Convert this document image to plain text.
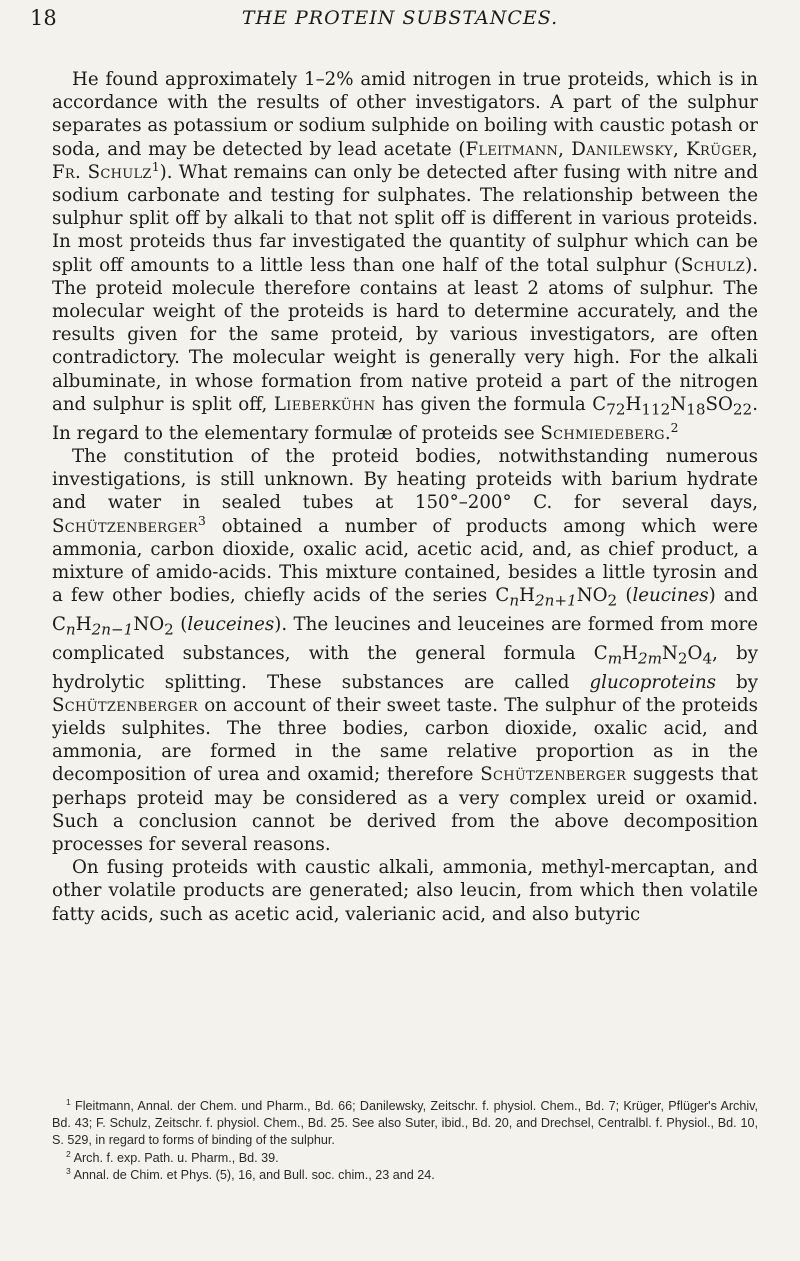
18	THE PROTEIN SUBSTANCES.

He found approximately 1–2% amid nitrogen in true proteids, which is in accordance with the results of other investigators. A part of the sulphur separates as potassium or sodium sulphide on boiling with caustic potash or soda, and may be detected by lead acetate (Fleitmann, Danilewsky, Krüger, Fr. Schulz$^1$). What remains can only be detected after fusing with nitre and sodium carbonate and testing for sulphates. The relationship between the sulphur split off by alkali to that not split off is different in various proteids. In most proteids thus far investigated the quantity of sulphur which can be split off amounts to a little less than one half of the total sulphur (Schulz). The proteid molecule therefore contains at least 2 atoms of sulphur. The molecular weight of the proteids is hard to determine accurately, and the results given for the same proteid, by various investigators, are often contradictory. The molecular weight is generally very high. For the alkali albuminate, in whose formation from native proteid a part of the nitrogen and sulphur is split off, Lieberkühn has given the formula $C_{72}H_{112}N_{18}SO_{22}$. In regard to the elementary formulæ of proteids see Schmiedeberg.$^2$

The constitution of the proteid bodies, notwithstanding numerous investigations, is still unknown. By heating proteids with barium hydrate and water in sealed tubes at 150°–200° C. for several days, Schützenberger$^3$ obtained a number of products among which were ammonia, carbon dioxide, oxalic acid, acetic acid, and, as chief product, a mixture of amido-acids. This mixture contained, besides a little tyrosin and a few other bodies, chiefly acids of the series $C_nH_{2n+1}NO_2$ (leucines) and $C_nH_{2n-1}NO_2$ (leuceines). The leucines and leuceines are formed from more complicated substances, with the general formula $C_mH_{2m}N_2O_4$, by hydrolytic splitting. These substances are called glucoproteins by Schützenberger on account of their sweet taste. The sulphur of the proteids yields sulphites. The three bodies, carbon dioxide, oxalic acid, and ammonia, are formed in the same relative proportion as in the decomposition of urea and oxamid; therefore Schützenberger suggests that perhaps proteid may be considered as a very complex ureid or oxamid. Such a conclusion cannot be derived from the above decomposition processes for several reasons.

On fusing proteids with caustic alkali, ammonia, methyl-mercaptan, and other volatile products are generated; also leucin, from which then volatile fatty acids, such as acetic acid, valerianic acid, and also butyric

$^1$ Fleitmann, Annal. der Chem. und Pharm., Bd. 66; Danilewsky, Zeitschr. f. physiol. Chem., Bd. 7; Krüger, Pflüger's Archiv, Bd. 43; F. Schulz, Zeitschr. f. physiol. Chem., Bd. 25. See also Suter, ibid., Bd. 20, and Drechsel, Centralbl. f. Physiol., Bd. 10, S. 529, in regard to forms of binding of the sulphur.

$^2$ Arch. f. exp. Path. u. Pharm., Bd. 39.

$^3$ Annal. de Chim. et Phys. (5), 16, and Bull. soc. chim., 23 and 24.
